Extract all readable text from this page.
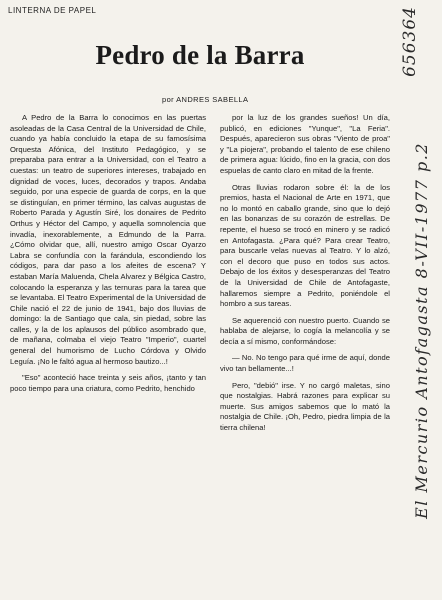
LINTERNA DE PAPEL
Pedro de la Barra
por ANDRES SABELLA

A Pedro de la Barra lo conocimos en las puertas asoleadas de la Casa Central de la Universidad de Chile, cuando ya había concluido la etapa de su famosísima Orquesta Afónica, del Instituto Pedagógico, y se preparaba para entrar a la Universidad, con el Teatro a cuestas: un teatro de superiores intereses, trabajado en dignidad de voces, luces, decorados y trapos. Andaba seguido, por una especie de guarda de corps, en la que se distinguían, en primer término, las calvas augustas de Roberto Parada y Agustín Siré, los donaires de Pedrito Orthus y Héctor del Campo, y aquella somnolencia que invadía, inexorablemente, a Edmundo de la Parra. ¿Cómo olvidar que, allí, nuestro amigo Oscar Oyarzo Labra se confundía con la farándula, escondiendo los códigos, para dar paso a los afeites de escena? Y estaban María Maluenda, Chela Alvarez y Bélgica Castro, colocando la esperanza y las ternuras para la tarea que se levantaba. El Teatro Experimental de la Universidad de Chile nació el 22 de junio de 1941, bajo dos lluvias de domingo: la de Santiago que cala, sin piedad, sobre las calles, y la de los aplausos del público asombrado que, de mañana, colmaba el viejo Teatro "Imperio", cuartel general del humorismo de Lucho Córdova y Olvido Leguía. ¡No le faltó agua al hermoso bautizo...!

"Eso" aconteció hace treinta y seis años, ¡tanto y tan poco tiempo para una criatura, como Pedrito, henchido

por la luz de los grandes sueños! Un día, publicó, en ediciones "Yunque", "La Feria". Después, aparecieron sus obras "Viento de proa" y "La piojera", probando el talento de ese chileno de primera agua: lúcido, fino en la gracia, con dos espuelas de canto claro en mitad de la frente.

Otras lluvias rodaron sobre él: la de los premios, hasta el Nacional de Arte en 1971, que no lo montó en caballo grande, sino que lo dejó en las bonanzas de su corazón de estrellas. De repente, el hueso se trocó en minero y se radicó en Antofagasta. ¿Para qué? Para crear Teatro, para buscarle velas nuevas al Teatro. Y lo alzó, con el decoro que puso en todos sus actos. Debajo de los éxitos y desesperanzas del Teatro de la Universidad de Chile de Antofagaste, hallaremos siempre a Pedrito, poniéndole el hombro a sus tareas.

Se aquerenció con nuestro puerto. Cuando se hablaba de alejarse, lo cogía la melancolía y se decía a sí mismo, conformándose:

— No. No tengo para qué irme de aquí, donde vivo tan bellamente...!

Pero, "debió" irse. Y no cargó maletas, sino que nostalgias. Habrá razones para explicar su muerte. Sus amigos sabemos que lo mató la nostalgia de Chile. ¡Oh, Pedro, piedra limpia de la tierra chilena!

656364
El Mercurio Antofagasta 8-VII-1977 p.2
